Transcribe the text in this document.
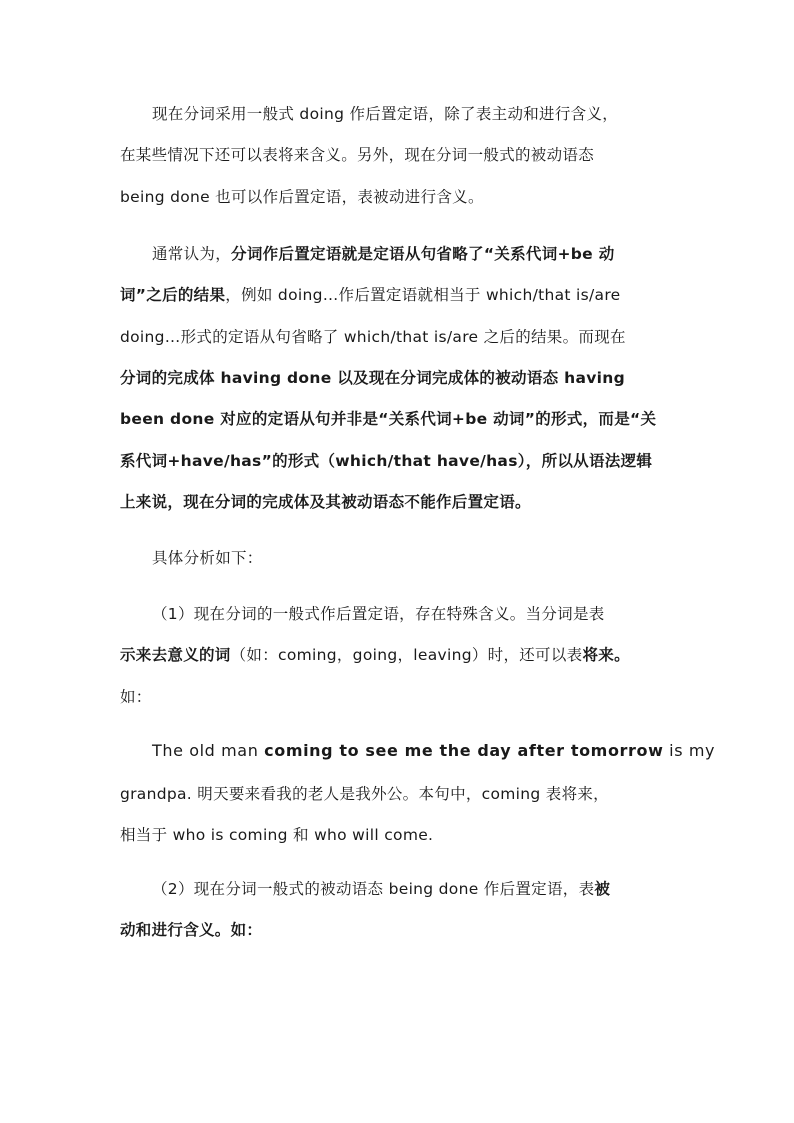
现在分词采用一般式 doing 作后置定语，除了表主动和进行含义，
在某些情况下还可以表将来含义。另外，现在分词一般式的被动语态
being done 也可以作后置定语，表被动进行含义。
通常认为，分词作后置定语就是定语从句省略了“关系代词+be 动
词”之后的结果，例如 doing…作后置定语就相当于 which/that is/are
doing…形式的定语从句省略了 which/that is/are 之后的结果。而现在
分词的完成体 having done 以及现在分词完成体的被动语态 having
been done 对应的定语从句并非是“关系代词+be 动词”的形式，而是“关
系代词+have/has”的形式（which/that have/has），所以从语法逻辑
上来说，现在分词的完成体及其被动语态不能作后置定语。
具体分析如下：
（1）现在分词的一般式作后置定语，存在特殊含义。当分词是表
示来去意义的词（如：coming，going，leaving）时，还可以表将来。
如：
The old man coming to see me the day after tomorrow is my
grandpa. 明天要来看我的老人是我外公。本句中，coming 表将来，
相当于 who is coming 和 who will come.
（2）现在分词一般式的被动语态 being done 作后置定语，表被
动和进行含义。如：
